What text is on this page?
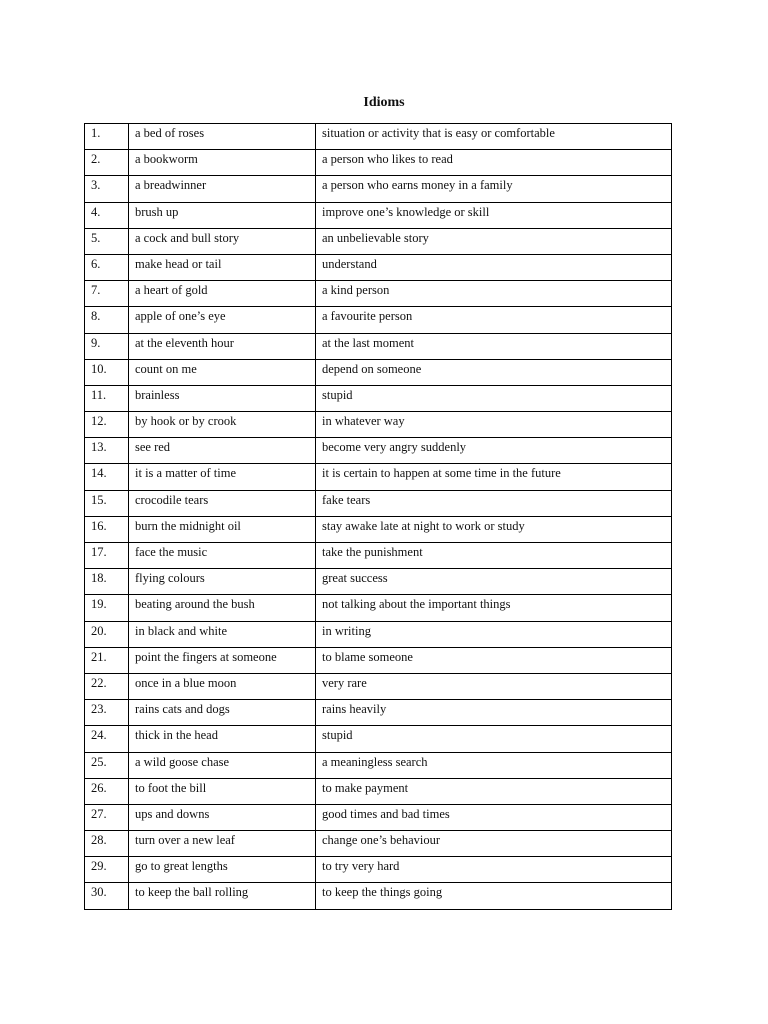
Idioms
1.	a bed of roses	situation or activity that is easy or comfortable
2.	a bookworm	a person who likes to read
3.	a breadwinner	a person who earns money in a family
4.	brush up	improve one’s knowledge or skill
5.	a cock and bull story	an unbelievable story
6.	make head or tail	understand
7.	a heart of gold	a kind person
8.	apple of one’s eye	a favourite person
9.	at the eleventh hour	at the last moment
10.	count on me	depend on someone
11.	brainless	stupid
12.	by hook or by crook	in whatever way
13.	see red	become very angry suddenly
14.	it is a matter of time	it is certain to happen at some time in the future
15.	crocodile tears	fake tears
16.	burn the midnight oil	stay awake late at night to work or study
17.	face the music	take the punishment
18.	flying colours	great success
19.	beating around the bush	not talking about the important things
20.	in black and white	in writing
21.	point the fingers at someone	to blame someone
22.	once in a blue moon	very rare
23.	rains cats and dogs	rains heavily
24.	thick in the head	stupid
25.	a wild goose chase	a meaningless search
26.	to foot the bill	to make payment
27.	ups and downs	good times and bad times
28.	turn over a new leaf	change one’s behaviour
29.	go to great lengths	to try very hard
30.	to keep the ball rolling	to keep the things going
